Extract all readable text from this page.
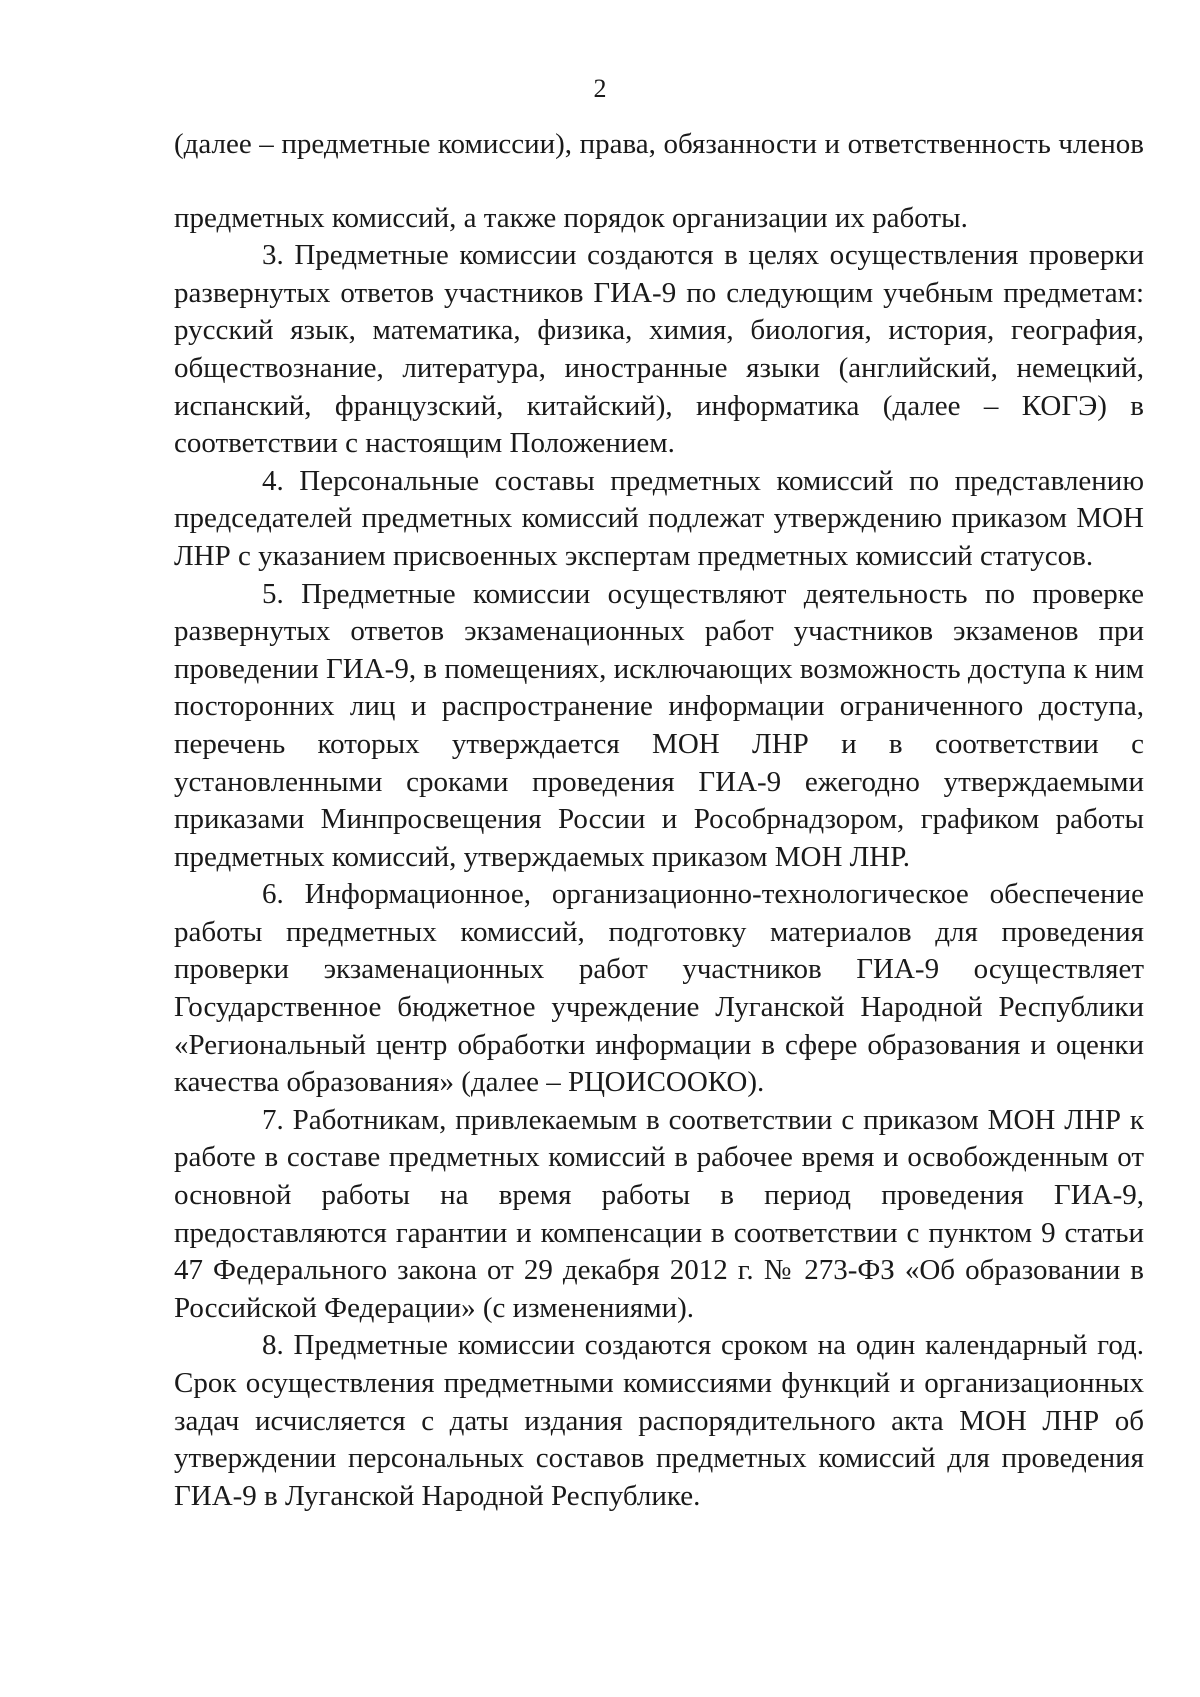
2

(далее – предметные комиссии), права, обязанности и ответственность членов

предметных комиссий, а также порядок организации их работы.

3. Предметные комиссии создаются в целях осуществления проверки развернутых ответов участников ГИА-9 по следующим учебным предметам: русский язык, математика, физика, химия, биология, история, география, обществознание, литература, иностранные языки (английский, немецкий, испанский, французский, китайский), информатика (далее – КОГЭ) в соответствии с настоящим Положением.

4. Персональные составы предметных комиссий по представлению председателей предметных комиссий подлежат утверждению приказом МОН ЛНР с указанием присвоенных экспертам предметных комиссий статусов.

5. Предметные комиссии осуществляют деятельность по проверке развернутых ответов экзаменационных работ участников экзаменов при проведении ГИА-9, в помещениях, исключающих возможность доступа к ним посторонних лиц и распространение информации ограниченного доступа, перечень которых утверждается МОН ЛНР и в соответствии с установленными сроками проведения ГИА-9 ежегодно утверждаемыми приказами Минпросвещения России и Рособрнадзором, графиком работы предметных комиссий, утверждаемых приказом МОН ЛНР.

6. Информационное, организационно-технологическое обеспечение работы предметных комиссий, подготовку материалов для проведения проверки экзаменационных работ участников ГИА-9 осуществляет Государственное бюджетное учреждение Луганской Народной Республики «Региональный центр обработки информации в сфере образования и оценки качества образования» (далее – РЦОИСООКО).

7. Работникам, привлекаемым в соответствии с приказом МОН ЛНР к работе в составе предметных комиссий в рабочее время и освобожденным от основной работы на время работы в период проведения ГИА-9, предоставляются гарантии и компенсации в соответствии с пунктом 9 статьи 47 Федерального закона от 29 декабря 2012 г. № 273-ФЗ «Об образовании в Российской Федерации» (с изменениями).

8. Предметные комиссии создаются сроком на один календарный год. Срок осуществления предметными комиссиями функций и организационных задач исчисляется с даты издания распорядительного акта МОН ЛНР об утверждении персональных составов предметных комиссий для проведения ГИА-9 в Луганской Народной Республике.
